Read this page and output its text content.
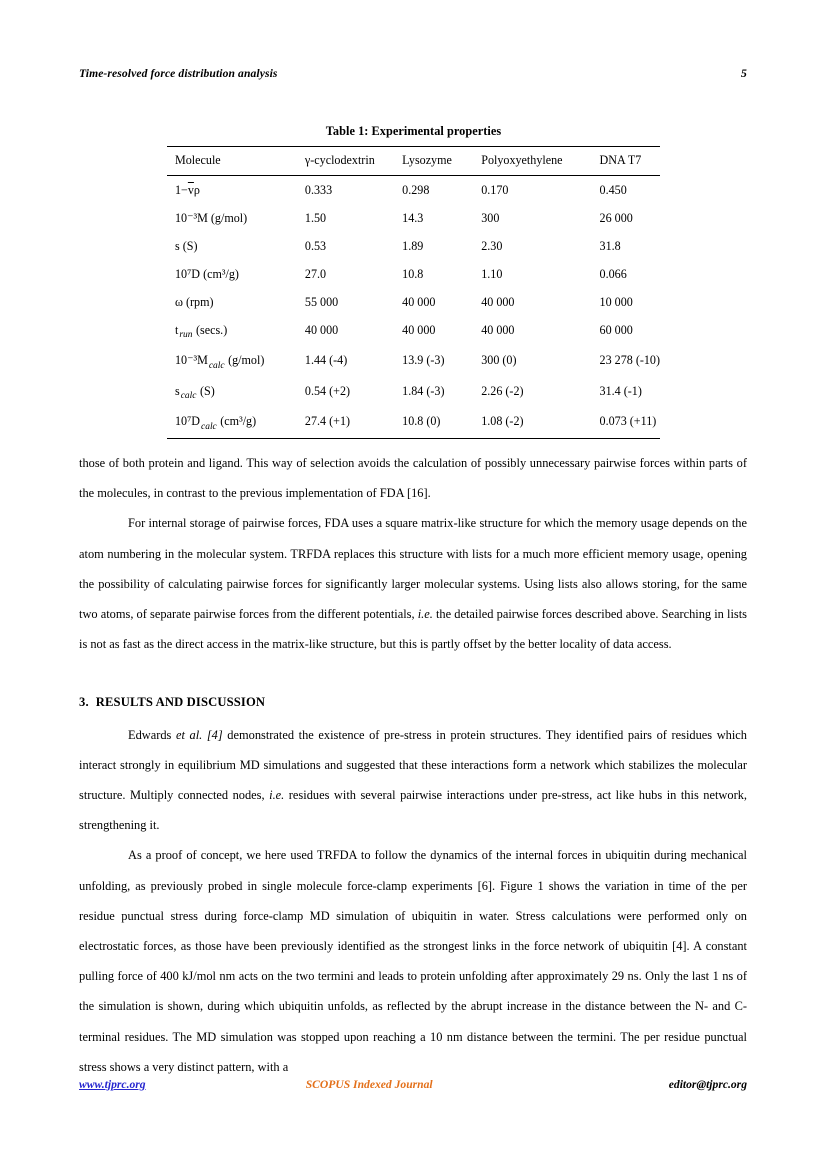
Time-resolved force distribution analysis	5
Table 1: Experimental properties
Molecule	γ-cyclodextrin	Lysozyme	Polyoxyethylene	DNA T7
$1-\overline{v}\rho$	0.333	0.298	0.170	0.450
10⁻³M (g/mol)	1.50	14.3	300	26 000
s (S)	0.53	1.89	2.30	31.8
10⁷D (cm³/g)	27.0	10.8	1.10	0.066
ω (rpm)	55 000	40 000	40 000	10 000
$t_{run}$ (secs.)	40 000	40 000	40 000	60 000
$10^{-3}M_{calc}$ (g/mol)	1.44 (-4)	13.9 (-3)	300 (0)	23 278 (-10)
$s_{calc}$ (S)	0.54 (+2)	1.84 (-3)	2.26 (-2)	31.4 (-1)
$10^7D_{calc}$ (cm³/g)	27.4 (+1)	10.8 (0)	1.08 (-2)	0.073 (+11)

those of both protein and ligand. This way of selection avoids the calculation of possibly unnecessary pairwise forces within parts of the molecules, in contrast to the previous implementation of FDA [16].

For internal storage of pairwise forces, FDA uses a square matrix-like structure for which the memory usage depends on the atom numbering in the molecular system. TRFDA replaces this structure with lists for a much more efficient memory usage, opening the possibility of calculating pairwise forces for significantly larger molecular systems. Using lists also allows storing, for the same two atoms, of separate pairwise forces from the different potentials, i.e. the detailed pairwise forces described above. Searching in lists is not as fast as the direct access in the matrix-like structure, but this is partly offset by the better locality of data access.

3. RESULTS AND DISCUSSION

Edwards et al. [4] demonstrated the existence of pre-stress in protein structures. They identified pairs of residues which interact strongly in equilibrium MD simulations and suggested that these interactions form a network which stabilizes the molecular structure. Multiply connected nodes, i.e. residues with several pairwise interactions under pre-stress, act like hubs in this network, strengthening it.

As a proof of concept, we here used TRFDA to follow the dynamics of the internal forces in ubiquitin during mechanical unfolding, as previously probed in single molecule force-clamp experiments [6]. Figure 1 shows the variation in time of the per residue punctual stress during force-clamp MD simulation of ubiquitin in water. Stress calculations were performed only on electrostatic forces, as those have been previously identified as the strongest links in the force network of ubiquitin [4]. A constant pulling force of 400 kJ/mol nm acts on the two termini and leads to protein unfolding after approximately 29 ns. Only the last 1 ns of the simulation is shown, during which ubiquitin unfolds, as reflected by the abrupt increase in the distance between the N- and C-terminal residues. The MD simulation was stopped upon reaching a 10 nm distance between the termini. The per residue punctual stress shows a very distinct pattern, with a

www.tjprc.org	SCOPUS Indexed Journal	editor@tjprc.org
